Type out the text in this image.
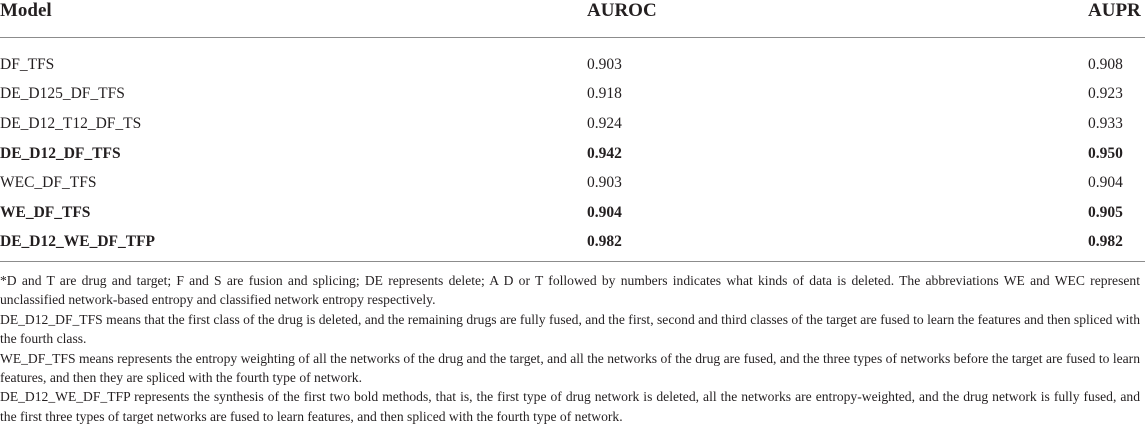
Model	AUROC	AUPR
DF_TFS	0.903	0.908
DE_D125_DF_TFS	0.918	0.923
DE_D12_T12_DF_TS	0.924	0.933
DE_D12_DF_TFS	0.942	0.950
WEC_DF_TFS	0.903	0.904
WE_DF_TFS	0.904	0.905
DE_D12_WE_DF_TFP	0.982	0.982

*D and T are drug and target; F and S are fusion and splicing; DE represents delete; A D or T followed by numbers indicates what kinds of data is deleted. The abbreviations WE and WEC represent unclassified network-based entropy and classified network entropy respectively.

DE_D12_DF_TFS means that the first class of the drug is deleted, and the remaining drugs are fully fused, and the first, second and third classes of the target are fused to learn the features and then spliced with the fourth class.

WE_DF_TFS means represents the entropy weighting of all the networks of the drug and the target, and all the networks of the drug are fused, and the three types of networks before the target are fused to learn features, and then they are spliced with the fourth type of network.

DE_D12_WE_DF_TFP represents the synthesis of the first two bold methods, that is, the first type of drug network is deleted, all the networks are entropy-weighted, and the drug network is fully fused, and the first three types of target networks are fused to learn features, and then spliced with the fourth type of network.
